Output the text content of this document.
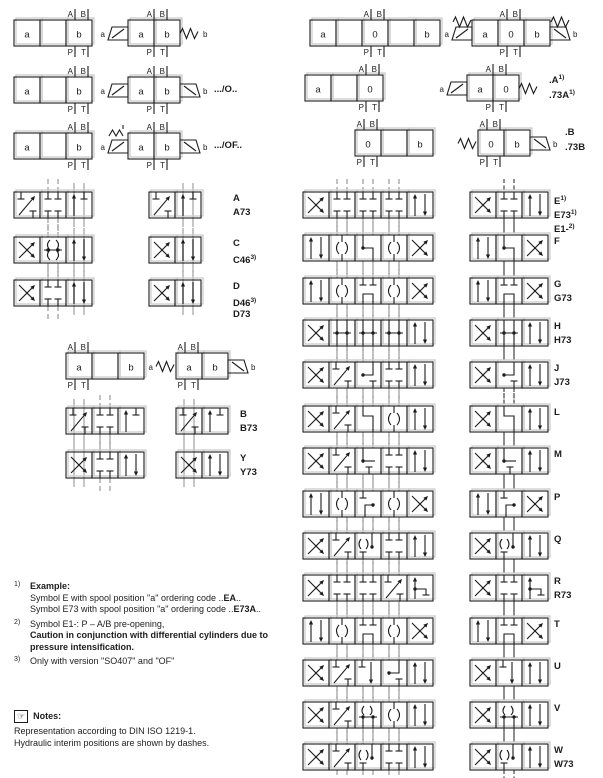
a	b
A B
P T
a b
a	b
A B
P T
a	b
A B
P T
a b
a	b
A B
P T
a	b
A B
P T
a b
a	b
A B
P T
a	0	b
A B
P T
a 0 b
a	b
A B
P T
a	0
A B
P T
a 0
a
A B
P T
0	b
A B
P T
0 b	b
A B
P T
a	b
A B
P T
a b
a	b
A B
P T
.../O..
.../OF..
$.A^{1)}$
$.73A^{1)}$
.B
.73B
A
A73
C
C46$^{3)}$
D
D46$^{3)}$
D73
B
B73
Y
Y73
$E^{1)}$
E73$^{1)}$
E1-$^{2)}$
F
G
G73
H
H73
J
J73
L
M
P
Q
R
R73
T
U
V
W
W73
1) Example:
Symbol E with spool position "a" ordering code ..EA..
Symbol E73 with spool position "a" ordering code ..E73A..
2) Symbol E1-: P – A/B pre-opening,
Caution in conjunction with differential cylinders due to
pressure intensification.
3) Only with version "SO407" and "OF"
☞ Notes:
Representation according to DIN ISO 1219-1.
Hydraulic interim positions are shown by dashes.
